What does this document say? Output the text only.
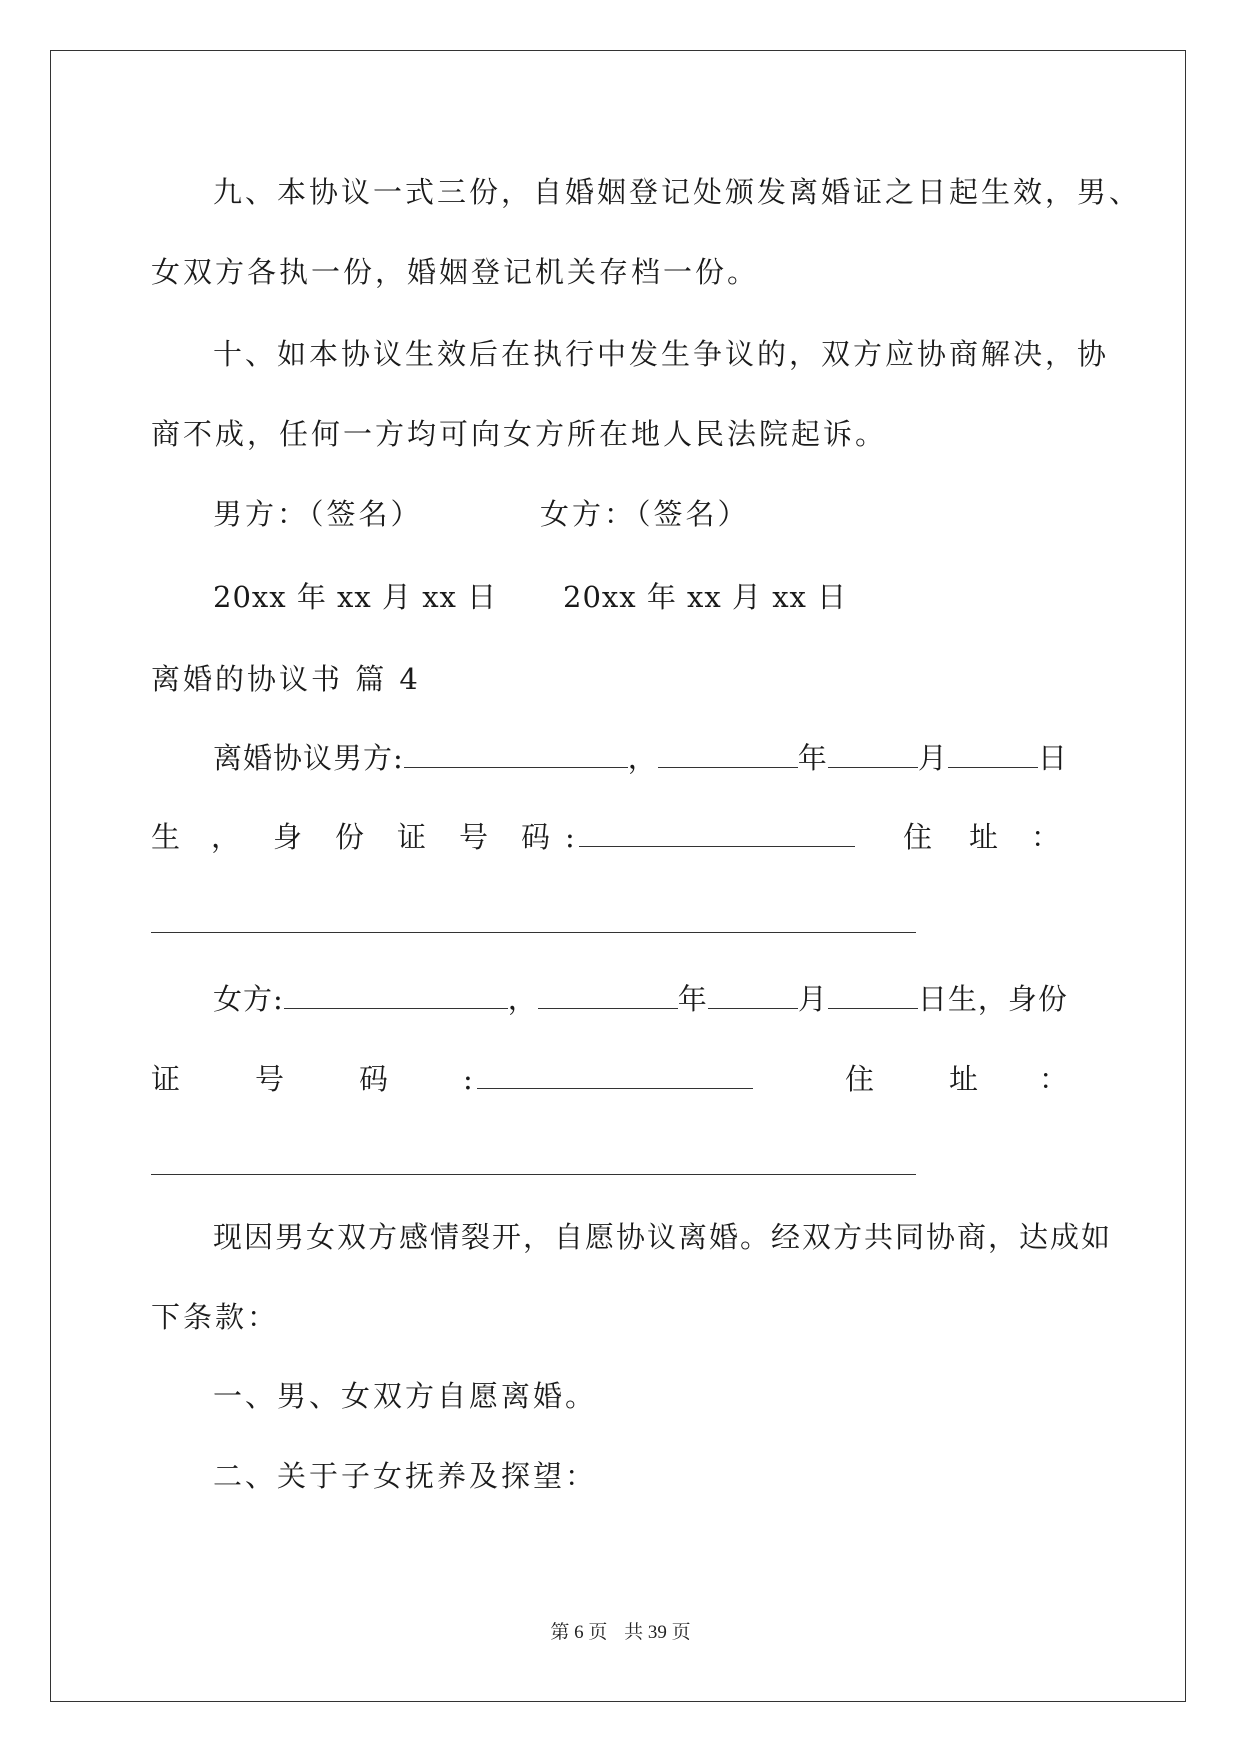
九、本协议一式三份，自婚姻登记处颁发离婚证之日起生效，男、
女双方各执一份，婚姻登记机关存档一份。
十、如本协议生效后在执行中发生争议的，双方应协商解决，协
商不成，任何一方均可向女方所在地人民法院起诉。
男方：（签名）	女方：（签名）
20xx 年 xx 月 xx 日 20xx 年 xx 月 xx 日
离婚的协议书 篇 4
离婚协议男方:	，	年	月	日
生	，	身	份	证	号	码 :	住	址	：
女方:	，	年	月	日生，身份
证	号	码	:	住	址	：
现因男女双方感情裂开，自愿协议离婚。经双方共同协商，达成如
下条款：
一、男、女双方自愿离婚。
二、关于子女抚养及探望：
第 6 页 共 39 页
